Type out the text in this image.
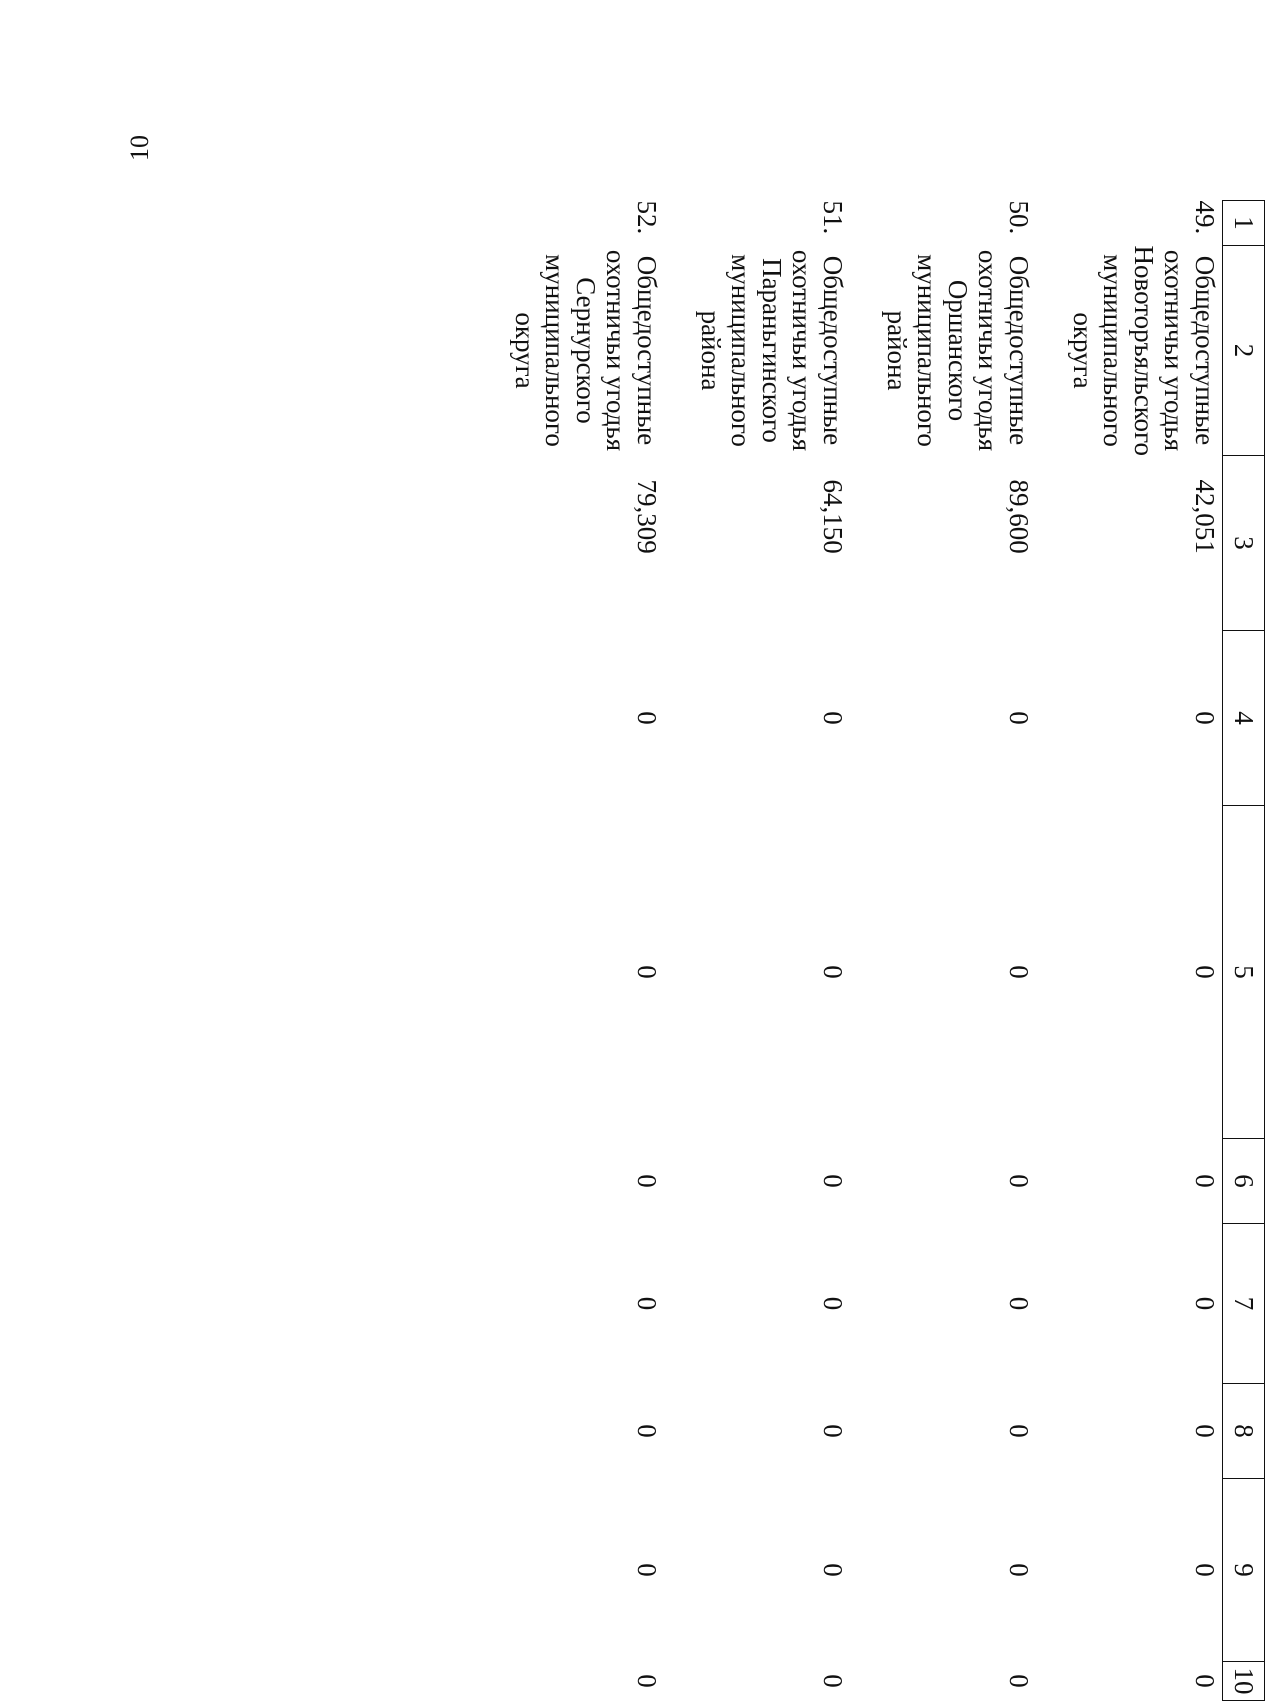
10
1	2	3	4	5	6	7	8	9	10
49.	Общедоступные
охотничьи угодья
Новоторъяльского
муниципального
округа	42,051	0	0	0	0	0	0	0
50.	Общедоступные
охотничьи угодья
Оршанского
муниципального
района	89,600	0	0	0	0	0	0	0
51.	Общедоступные
охотничьи угодья
Параньгинского
муниципального
района	64,150	0	0	0	0	0	0	0
52.	Общедоступные
охотничьи угодья
Сернурского
муниципального
округа	79,309	0	0	0	0	0	0	0
